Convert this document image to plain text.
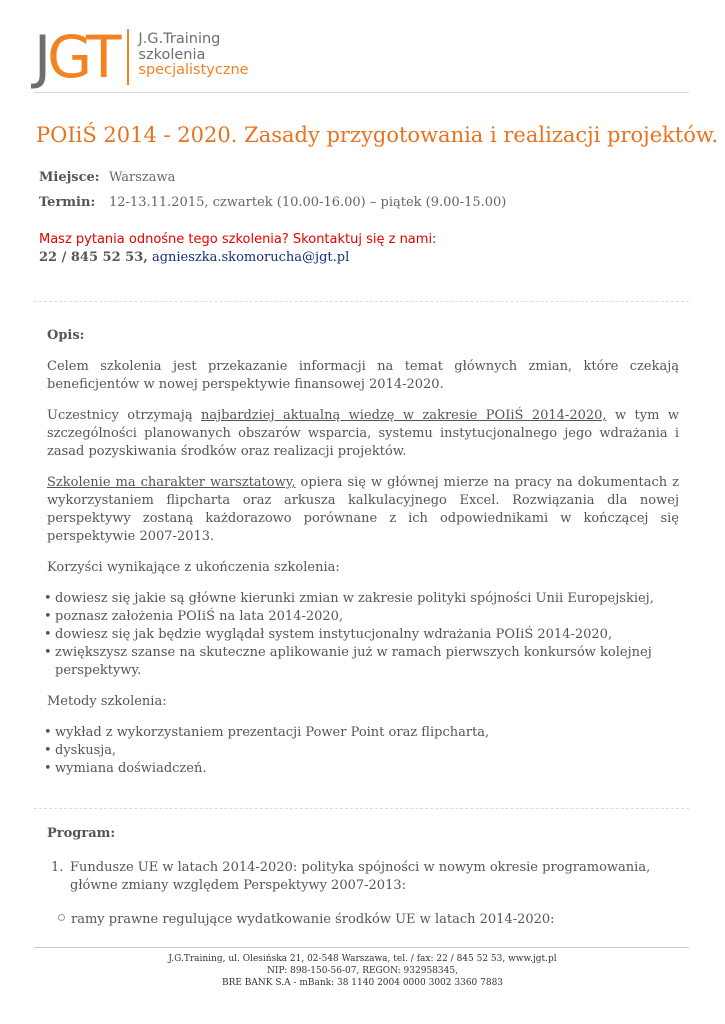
J GT J.G.Training
szkolenia
specjalistyczne
POIiŚ 2014 - 2020. Zasady przygotowania i realizacji projektów.
Miejsce: Warszawa
Termin: 12-13.11.2015, czwartek (10.00-16.00) – piątek (9.00-15.00)
Masz pytania odnośne tego szkolenia? Skontaktuj się z nami:
22 / 845 52 53, agnieszka.skomorucha@jgt.pl
Opis:

Celem szkolenia jest przekazanie informacji na temat głównych zmian, które czekają beneficjentów w nowej perspektywie finansowej 2014-2020.

Uczestnicy otrzymają najbardziej aktualną wiedzę w zakresie POIiŚ 2014-2020, w tym w szczególności planowanych obszarów wsparcia, systemu instytucjonalnego jego wdrażania i zasad pozyskiwania środków oraz realizacji projektów.

Szkolenie ma charakter warsztatowy, opiera się w głównej mierze na pracy na dokumentach z wykorzystaniem flipcharta oraz arkusza kalkulacyjnego Excel. Rozwiązania dla nowej perspektywy zostaną każdorazowo porównane z ich odpowiednikami w kończącej się perspektywie 2007-2013.

Korzyści wynikające z ukończenia szkolenia:
• dowiesz się jakie są główne kierunki zmian w zakresie polityki spójności Unii Europejskiej,
• poznasz założenia POIiŚ na lata 2014-2020,
• dowiesz się jak będzie wyglądał system instytucjonalny wdrażania POIiŚ 2014-2020,
• zwiększysz szanse na skuteczne aplikowanie już w ramach pierwszych konkursów kolejnej perspektywy.
Metody szkolenia:
• wykład z wykorzystaniem prezentacji Power Point oraz flipcharta,
• dyskusja,
• wymiana doświadczeń.
Program:
1. Fundusze UE w latach 2014-2020: polityka spójności w nowym okresie programowania, główne zmiany względem Perspektywy 2007-2013:
ramy prawne regulujące wydatkowanie środków UE w latach 2014-2020:
J.G.Training, ul. Olesińska 21, 02-548 Warszawa, tel. / fax: 22 / 845 52 53, www.jgt.pl
NIP: 898-150-56-07, REGON: 932958345,
BRE BANK S.A - mBank: 38 1140 2004 0000 3002 3360 7883
